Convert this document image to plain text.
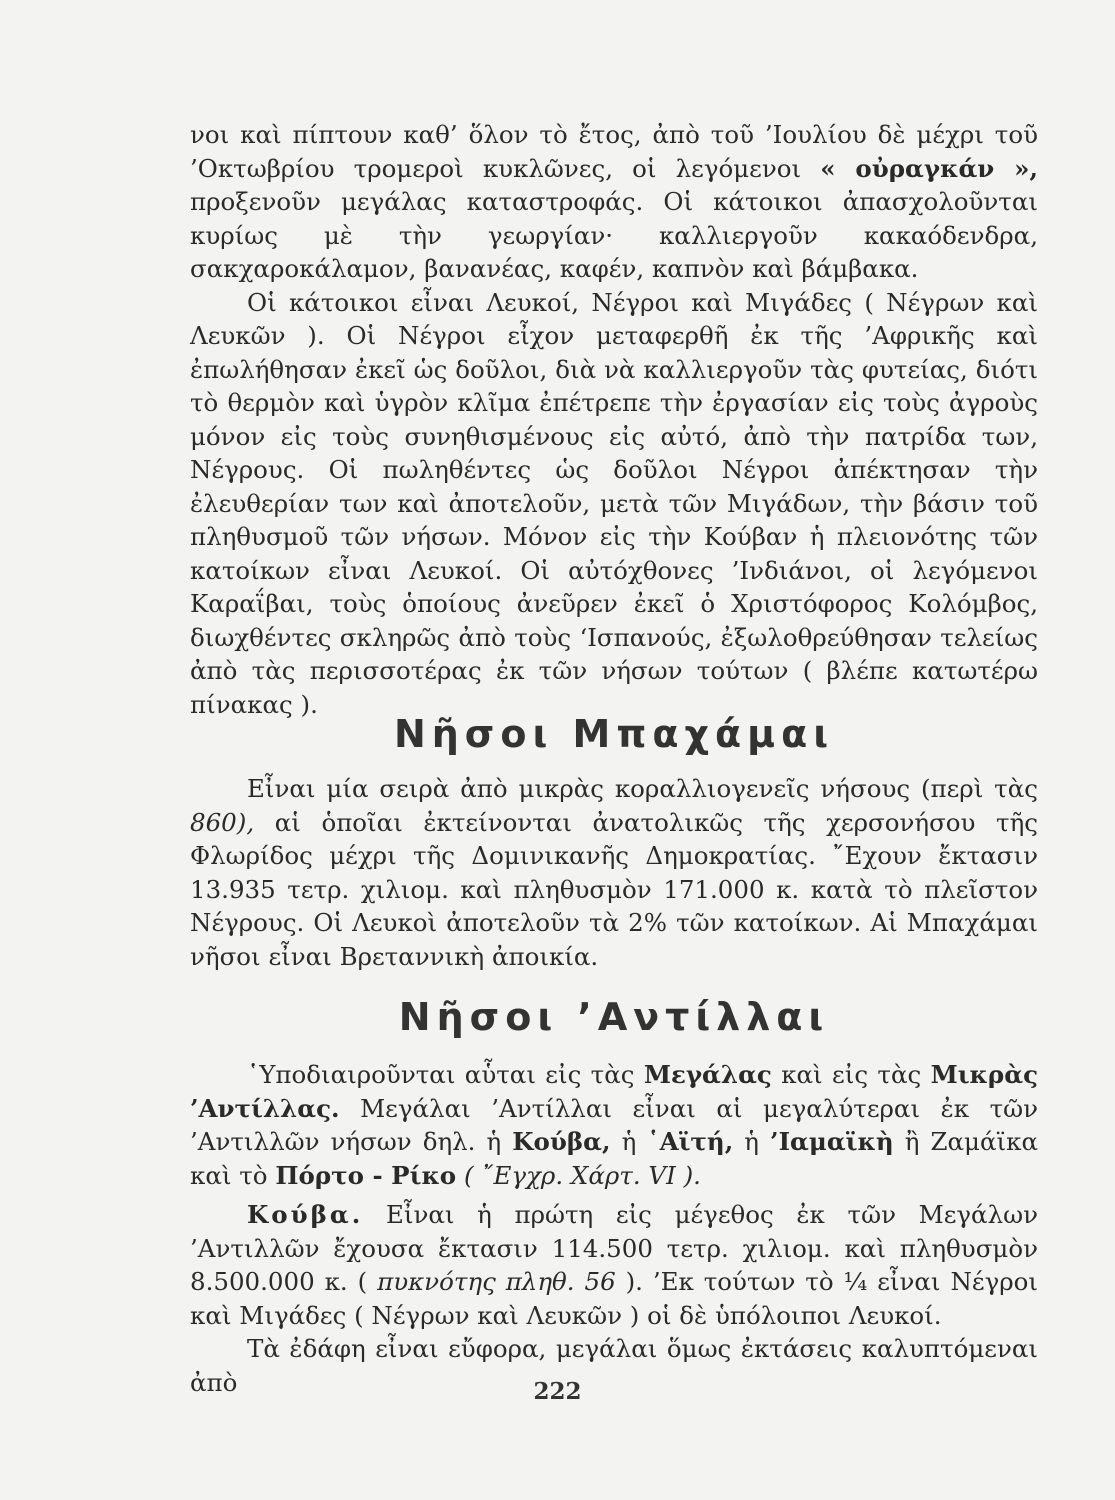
νοι καὶ πίπτουν καθ’ ὅλον τὸ ἔτος, ἀπὸ τοῦ ’Ιουλίου δὲ μέχρι τοῦ ’Οκτωβρίου τρομεροὶ κυκλῶνες, οἱ λεγόμενοι « οὐραγκάν », προξενοῦν μεγάλας καταστροφάς. Οἱ κάτοικοι ἀπασχολοῦνται κυρίως μὲ τὴν γεωργίαν· καλλιεργοῦν κακαόδενδρα, σακχαροκάλαμον, βανανέας, καφέν, καπνὸν καὶ βάμβακα.

Οἱ κάτοικοι εἶναι Λευκοί, Νέγροι καὶ Μιγάδες ( Νέγρων καὶ Λευκῶν ). Οἱ Νέγροι εἶχον μεταφερθῆ ἐκ τῆς ’Αφρικῆς καὶ ἐπωλήθησαν ἐκεῖ ὡς δοῦλοι, διὰ νὰ καλλιεργοῦν τὰς φυτείας, διότι τὸ θερμὸν καὶ ὑγρὸν κλῖμα ἐπέτρεπε τὴν ἐργασίαν εἰς τοὺς ἀγροὺς μόνον εἰς τοὺς συνηθισμένους εἰς αὐτό, ἀπὸ τὴν πατρίδα των, Νέγρους. Οἱ πωληθέντες ὡς δοῦλοι Νέγροι ἀπέκτησαν τὴν ἐλευθερίαν των καὶ ἀποτελοῦν, μετὰ τῶν Μιγάδων, τὴν βάσιν τοῦ πληθυσμοῦ τῶν νήσων. Μόνον εἰς τὴν Κούβαν ἡ πλειονότης τῶν κατοίκων εἶναι Λευκοί. Οἱ αὐτόχθονες ’Ινδιάνοι, οἱ λεγόμενοι Καραΐβαι, τοὺς ὁποίους ἀνεῦρεν ἐκεῖ ὁ Χριστόφορος Κολόμβος, διωχθέντες σκληρῶς ἀπὸ τοὺς ‘Ισπανούς, ἐξωλοθρεύθησαν τελείως ἀπὸ τὰς περισσοτέρας ἐκ τῶν νήσων τούτων ( βλέπε κατωτέρω πίνακας ).

Νῆσοι Μπαχάμαι

Εἶναι μία σειρὰ ἀπὸ μικρὰς κοραλλιογενεῖς νήσους (περὶ τὰς 860), αἱ ὁποῖαι ἐκτείνονται ἀνατολικῶς τῆς χερσονήσου τῆς Φλωρίδος μέχρι τῆς Δομινικανῆς Δημοκρατίας. ῎Εχουν ἔκτασιν 13.935 τετρ. χιλιομ. καὶ πληθυσμὸν 171.000 κ. κατὰ τὸ πλεῖστον Νέγρους. Οἱ Λευκοὶ ἀποτελοῦν τὰ 2% τῶν κατοίκων. Αἱ Μπαχάμαι νῆσοι εἶναι Βρεταννικὴ ἀποικία.

Νῆσοι ’Αντίλλαι

῾Υποδιαιροῦνται αὗται εἰς τὰς Μεγάλας καὶ εἰς τὰς Μικρὰς ’Αντίλλας. Μεγάλαι ’Αντίλλαι εἶναι αἱ μεγαλύτεραι ἐκ τῶν ’Αντιλλῶν νήσων δηλ. ἡ Κούβα, ἡ ῾Αϊτή, ἡ ’Ιαμαϊκὴ ἢ Ζαμάϊκα καὶ τὸ Πόρτο - Ρίκο ( ῎Εγχρ. Χάρτ. VI ).

Κούβα. Εἶναι ἡ πρώτη εἰς μέγεθος ἐκ τῶν Μεγάλων ’Αντιλλῶν ἔχουσα ἔκτασιν 114.500 τετρ. χιλιομ. καὶ πληθυσμὸν 8.500.000 κ. ( πυκνότης πληθ. 56 ). ’Εκ τούτων τὸ ¼ εἶναι Νέγροι καὶ Μιγάδες ( Νέγρων καὶ Λευκῶν ) οἱ δὲ ὑπόλοιποι Λευκοί.

Τὰ ἐδάφη εἶναι εὔφορα, μεγάλαι ὅμως ἐκτάσεις καλυπτόμεναι ἀπὸ	222
